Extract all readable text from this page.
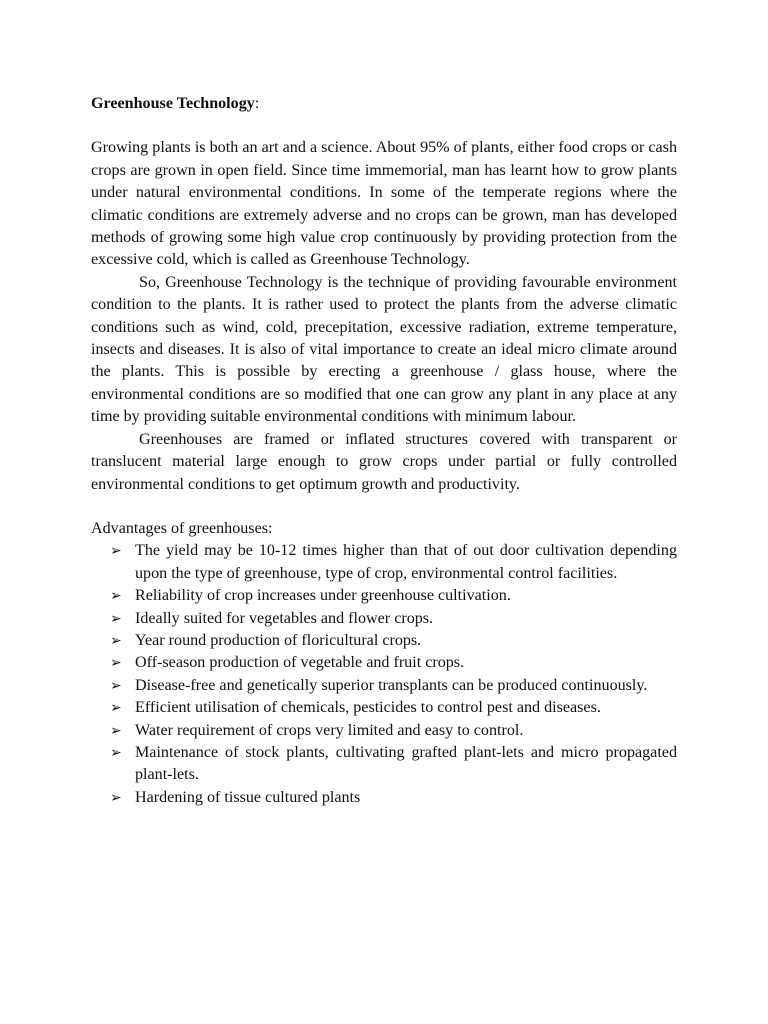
Greenhouse Technology:

Growing plants is both an art and a science. About 95% of plants, either food crops or cash crops are grown in open field. Since time immemorial, man has learnt how to grow plants under natural environmental conditions. In some of the temperate regions where the climatic conditions are extremely adverse and no crops can be grown, man has developed methods of growing some high value crop continuously by providing protection from the excessive cold, which is called as Greenhouse Technology.

So, Greenhouse Technology is the technique of providing favourable environment condition to the plants. It is rather used to protect the plants from the adverse climatic conditions such as wind, cold, precepitation, excessive radiation, extreme temperature, insects and diseases. It is also of vital importance to create an ideal micro climate around the plants. This is possible by erecting a greenhouse / glass house, where the environmental conditions are so modified that one can grow any plant in any place at any time by providing suitable environmental conditions with minimum labour.

Greenhouses are framed or inflated structures covered with transparent or translucent material large enough to grow crops under partial or fully controlled environmental conditions to get optimum growth and productivity.

Advantages of greenhouses:

➢ The yield may be 10-12 times higher than that of out door cultivation depending upon the type of greenhouse, type of crop, environmental control facilities.
➢ Reliability of crop increases under greenhouse cultivation.
➢ Ideally suited for vegetables and flower crops.
➢ Year round production of floricultural crops.
➢ Off-season production of vegetable and fruit crops.
➢ Disease-free and genetically superior transplants can be produced continuously.
➢ Efficient utilisation of chemicals, pesticides to control pest and diseases.
➢ Water requirement of crops very limited and easy to control.
➢ Maintenance of stock plants, cultivating grafted plant-lets and micro propagated plant-lets.
➢ Hardening of tissue cultured plants
